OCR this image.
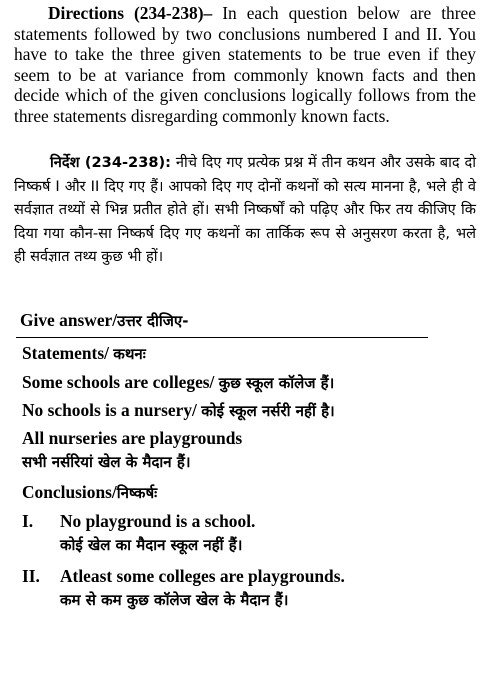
Directions (234-238)– In each question below are three statements followed by two conclusions numbered I and II. You have to take the three given statements to be true even if they seem to be at variance from commonly known facts and then decide which of the given conclusions logically follows from the three statements disregarding commonly known facts.

निर्देश (234-238): नीचे दिए गए प्रत्येक प्रश्न में तीन कथन और उसके बाद दो निष्कर्ष I और II दिए गए हैं। आपको दिए गए दोनों कथनों को सत्य मानना है, भले ही वे सर्वज्ञात तथ्यों से भिन्न प्रतीत होते हों। सभी निष्कर्षों को पढ़िए और फिर तय कीजिए कि दिया गया कौन-सा निष्कर्ष दिए गए कथनों का तार्किक रूप से अनुसरण करता है, भले ही सर्वज्ञात तथ्य कुछ भी हों।

Give answer/उत्तर दीजिए-

Statements/ कथनः
Some schools are colleges/ कुछ स्कूल कॉलेज हैं।
No schools is a nursery/ कोई स्कूल नर्सरी नहीं है।
All nurseries are playgrounds
सभी नर्सरियां खेल के मैदान हैं।
Conclusions/निष्कर्षः
I. No playground is a school.
कोई खेल का मैदान स्कूल नहीं हैं।
II. Atleast some colleges are playgrounds.
कम से कम कुछ कॉलेज खेल के मैदान हैं।
